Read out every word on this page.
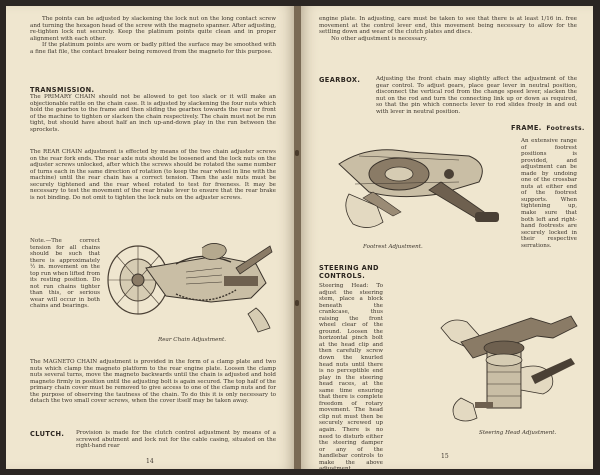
The points can be adjusted by slackening the lock nut on the long contact screw and turning the hexagon head of the screw with the magneto spanner. After adjusting, re-tighten lock nut securely. Keep the platinum points quite clean and in proper alignment with each other.

If the platinum points are worn or badly pitted the surface may be smoothed with a fine flat file, the contact breaker being removed from the magneto for this purpose.

TRANSMISSION.
The PRIMARY CHAIN should not be allowed to get too slack or it will make an objectionable rattle on the chain case. It is adjusted by slackening the four nuts which hold the gearbox to the frame and then sliding the gearbox towards the rear or front of the machine to tighten or slacken the chain respectively. The chain must not be run tight, but should have about half an inch up-and-down play in the run between the sprockets.
The REAR CHAIN adjustment is effected by means of the two chain adjuster screws on the rear fork ends. The rear axle nuts should be loosened and the lock nuts on the adjuster screws unlocked, after which the screws should be rotated the same number of turns each in the same direction of rotation (to keep the rear wheel in line with the machine) until the rear chain has a correct tension. Then the axle nuts must be securely tightened and the rear wheel rotated to test for freeness. It may be necessary to test the movement of the rear brake lever to ensure that the rear brake is not binding. Do not omit to tighten the lock nuts on the adjuster screws.
Note.—The correct tension for all chains should be such that there is approximately ½ in. movement on the top run when lifted from its resting position. Do not run chains tighter than this, or serious wear will occur in both chains and bearings.
Rear Chain Adjustment.
The MAGNETO CHAIN adjustment is provided in the form of a clamp plate and two nuts which clamp the magneto platform to the rear engine plate. Loosen the clamp nuts several turns, move the magneto backwards until the chain is adjusted and hold magneto firmly in position until the adjusting bolt is again secured. The top half of the primary chain cover must be removed to give access to one of the clamp nuts and for the purpose of observing the tautness of the chain. To do this it is only necessary to detach the two small cover screws, when the cover itself may be taken away.
CLUTCH. Provision is made for the clutch control adjustment by means of a screwed abutment and lock nut for the cable casing, situated on the right-hand rear
14

engine plate. In adjusting, care must be taken to see that there is at least 1/16 in. free movement at the control lever end, this movement being necessary to allow for the settling down and wear of the clutch plates and discs.

No other adjustment is necessary.

GEARBOX.	Adjusting the front chain may slightly affect the adjustment of the gear control. To adjust gears, place gear lever in neutral position, disconnect the vertical rod from the change speed lever, slacken the nut on the rod and turn the connecting link up or down as required, so that the pin which connects lever to rod slides freely in and out with lever in neutral position.
Footrest Adjustment.
FRAME. Footrests.
An extensive range of footrest positions is provided, and adjustment can be made by undoing one of the crossbar nuts at either end of the footrest supports. When tightening up, make sure that both left and right-hand footrests are securely locked in their respective serrations.
STEERING AND CONTROLS.
Steering Head: To adjust the steering stem, place a block beneath the crankcase, thus raising the front wheel clear of the ground. Loosen the horizontal pinch bolt at the head clip and then carefully screw down the knurled head nuts until there is no perceptible end play in the steering head races, at the same time ensuring that there is complete freedom of rotary movement. The head clip nut must then be securely screwed up again. There is no need to disturb either the steering damper or any of the handlebar controls to make the above adjustment.
Steering Head Adjustment.
15
